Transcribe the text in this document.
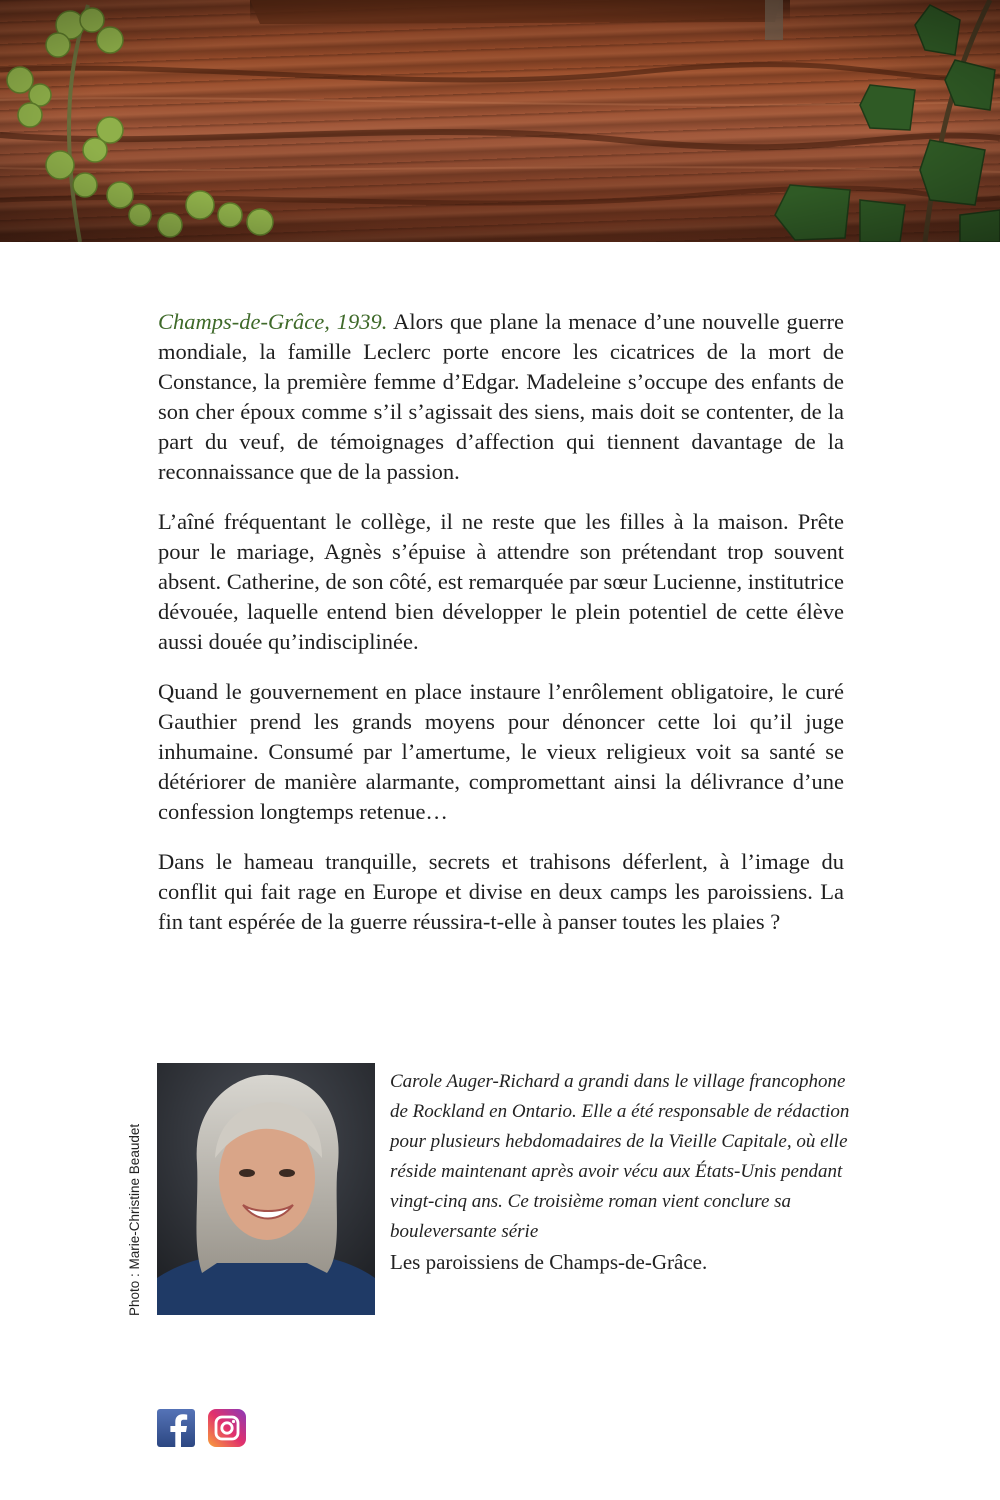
Champs-de-Grâce, 1939. Alors que plane la menace d’une nouvelle guerre mondiale, la famille Leclerc porte encore les cicatrices de la mort de Constance, la première femme d’Edgar. Madeleine s’occupe des enfants de son cher époux comme s’il s’agissait des siens, mais doit se contenter, de la part du veuf, de témoignages d’affection qui tiennent davantage de la reconnaissance que de la passion.

L’aîné fréquentant le collège, il ne reste que les filles à la maison. Prête pour le mariage, Agnès s’épuise à attendre son prétendant trop souvent absent. Catherine, de son côté, est remarquée par sœur Lucienne, institutrice dévouée, laquelle entend bien développer le plein potentiel de cette élève aussi douée qu’indisciplinée.

Quand le gouvernement en place instaure l’enrôlement obligatoire, le curé Gauthier prend les grands moyens pour dénoncer cette loi qu’il juge inhumaine. Consumé par l’amertume, le vieux religieux voit sa santé se détériorer de manière alarmante, compromettant ainsi la délivrance d’une confession longtemps retenue…

Dans le hameau tranquille, secrets et trahisons déferlent, à l’image du conflit qui fait rage en Europe et divise en deux camps les paroissiens. La fin tant espérée de la guerre réussira-t-elle à panser toutes les plaies ?

Photo : Marie-Christine Beaudet
Carole Auger-Richard a grandi dans le village francophone de Rockland en Ontario. Elle a été responsable de rédaction pour plusieurs hebdomadaires de la Vieille Capitale, où elle réside maintenant après avoir vécu aux États-Unis pendant vingt-cinq ans. Ce troisième roman vient conclure sa bouleversante série
Les paroissiens de Champs-de-Grâce.
